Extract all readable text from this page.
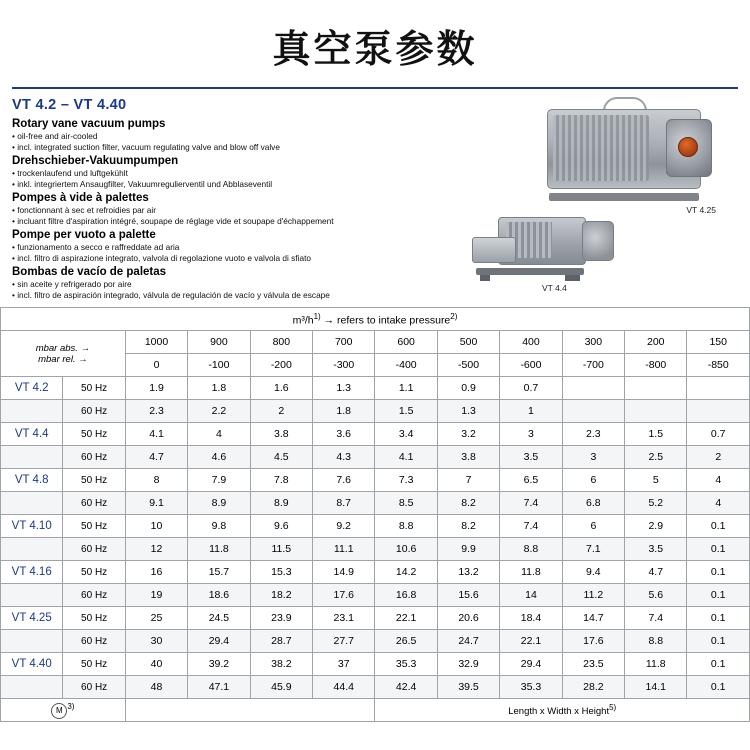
真空泵参数
VT 4.2 – VT 4.40
Rotary vane vacuum pumps
• oil-free and air-cooled
• incl. integrated suction filter, vacuum regulating valve and blow off valve
Drehschieber-Vakuumpumpen
• trockenlaufend und luftgekühlt
• inkl. integriertem Ansaugfilter, Vakuumregulierventil und Abblaseventil
Pompes à vide à palettes
• fonctionnant à sec et refroidies par air
• incluant filtre d'aspiration intégré, soupape de réglage vide et soupape d'échappement
Pompe per vuoto a palette
• funzionamento a secco e raffreddate ad aria
• incl. filtro di aspirazione integrato, valvola di regolazione vuoto e valvola di sfiato
Bombas de vacío de paletas
• sin aceite y refrigerado por aire
• incl. filtro de aspiración integrado, válvula de regulación de vacío y válvula de escape
VT 4.25
VT 4.4
m³/h$^{1)}$ → refers to intake pressure$^{2)}$

mbar abs. →
mbar rel. →		1000	900	800	700	600	500	400	300	200	150
		0	-100	-200	-300	-400	-500	-600	-700	-800	-850
VT 4.2	50 Hz	1.9	1.8	1.6	1.3	1.1	0.9	0.7			
	60 Hz	2.3	2.2	2	1.8	1.5	1.3	1			
VT 4.4	50 Hz	4.1	4	3.8	3.6	3.4	3.2	3	2.3	1.5	0.7
	60 Hz	4.7	4.6	4.5	4.3	4.1	3.8	3.5	3	2.5	2
VT 4.8	50 Hz	8	7.9	7.8	7.6	7.3	7	6.5	6	5	4
	60 Hz	9.1	8.9	8.9	8.7	8.5	8.2	7.4	6.8	5.2	4
VT 4.10	50 Hz	10	9.8	9.6	9.2	8.8	8.2	7.4	6	2.9	0.1
	60 Hz	12	11.8	11.5	11.1	10.6	9.9	8.8	7.1	3.5	0.1
VT 4.16	50 Hz	16	15.7	15.3	14.9	14.2	13.2	11.8	9.4	4.7	0.1
	60 Hz	19	18.6	18.2	17.6	16.8	15.6	14	11.2	5.6	0.1
VT 4.25	50 Hz	25	24.5	23.9	23.1	22.1	20.6	18.4	14.7	7.4	0.1
	60 Hz	30	29.4	28.7	27.7	26.5	24.7	22.1	17.6	8.8	0.1
VT 4.40	50 Hz	40	39.2	38.2	37	35.3	32.9	29.4	23.5	11.8	0.1
	60 Hz	48	47.1	45.9	44.4	42.4	39.5	35.3	28.2	14.1	0.1
M 3)						Length x Width x Height$^{5)}$
